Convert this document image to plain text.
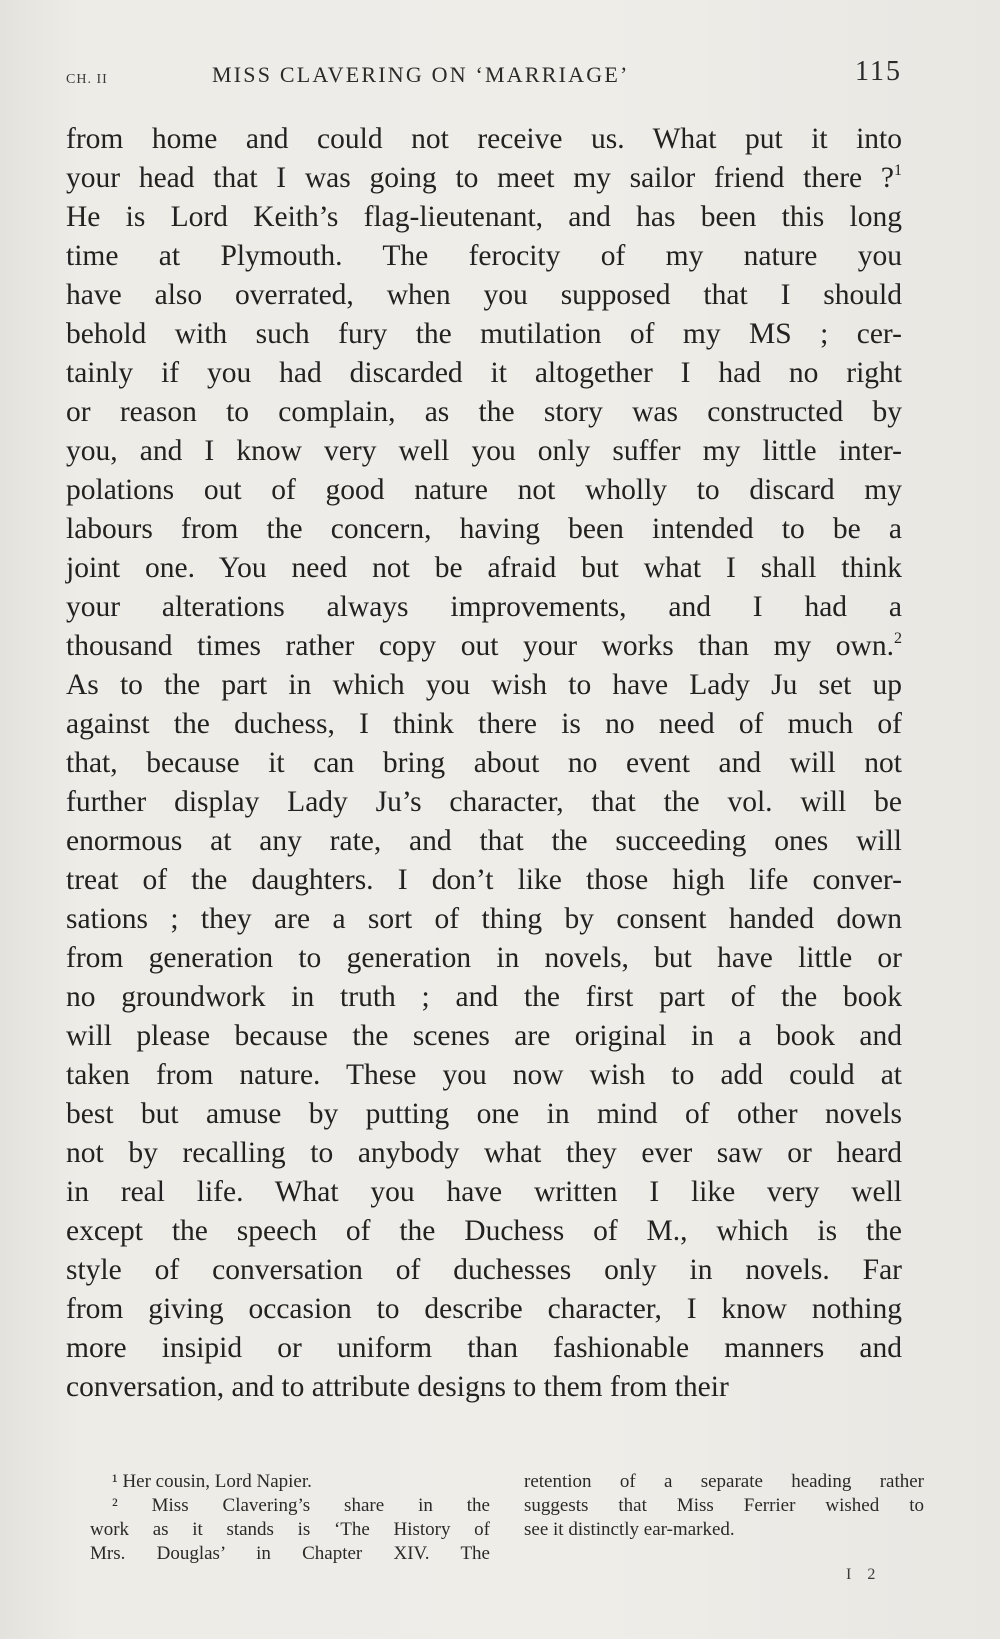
CH. II	MISS CLAVERING ON ‘MARRIAGE’	115
from home and could not receive us. What put it into
your head that I was going to meet my sailor friend there ?$^1$
He is Lord Keith’s flag-lieutenant, and has been this long
time at Plymouth. The ferocity of my nature you
have also overrated, when you supposed that I should
behold with such fury the mutilation of my MS ; cer-
tainly if you had discarded it altogether I had no right
or reason to complain, as the story was constructed by
you, and I know very well you only suffer my little inter-
polations out of good nature not wholly to discard my
labours from the concern, having been intended to be a
joint one. You need not be afraid but what I shall think
your alterations always improvements, and I had a
thousand times rather copy out your works than my own.$^2$
As to the part in which you wish to have Lady Ju set up
against the duchess, I think there is no need of much of
that, because it can bring about no event and will not
further display Lady Ju’s character, that the vol. will be
enormous at any rate, and that the succeeding ones will
treat of the daughters. I don’t like those high life conver-
sations ; they are a sort of thing by consent handed down
from generation to generation in novels, but have little or
no groundwork in truth ; and the first part of the book
will please because the scenes are original in a book and
taken from nature. These you now wish to add could at
best but amuse by putting one in mind of other novels
not by recalling to anybody what they ever saw or heard
in real life. What you have written I like very well
except the speech of the Duchess of M., which is the
style of conversation of duchesses only in novels. Far
from giving occasion to describe character, I know nothing
more insipid or uniform than fashionable manners and
conversation, and to attribute designs to them from their
¹ Her cousin, Lord Napier.
² Miss Clavering’s share in the
work as it stands is ‘The History of
Mrs. Douglas’ in Chapter XIV. The
retention of a separate heading rather
suggests that Miss Ferrier wished to
see it distinctly ear-marked.
I 2
